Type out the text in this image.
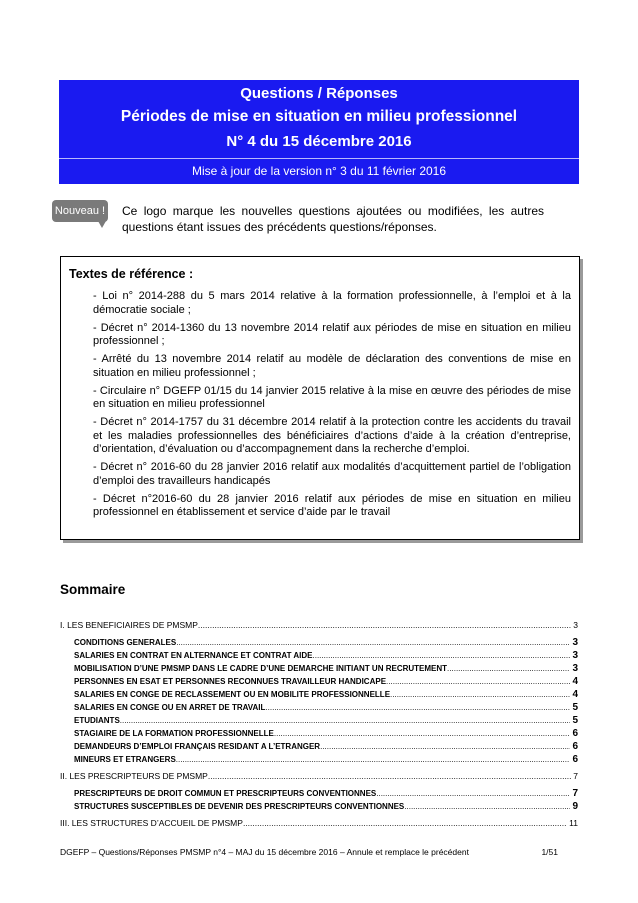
Questions / Réponses
Périodes de mise en situation en milieu professionnel
N° 4 du 15 décembre 2016
Mise à jour de la version n° 3 du 11 février 2016
Nouveau ! Ce logo marque les nouvelles questions ajoutées ou modifiées, les autres questions étant issues des précédents questions/réponses.
Textes de référence :
- Loi n° 2014-288 du 5 mars 2014 relative à la formation professionnelle, à l’emploi et à la démocratie sociale ;
- Décret n° 2014-1360 du 13 novembre 2014 relatif aux périodes de mise en situation en milieu professionnel ;
- Arrêté du 13 novembre 2014 relatif au modèle de déclaration des conventions de mise en situation en milieu professionnel ;
- Circulaire n° DGEFP 01/15 du 14 janvier 2015 relative à la mise en œuvre des périodes de mise en situation en milieu professionnel
- Décret n° 2014-1757 du 31 décembre 2014 relatif à la protection contre les accidents du travail et les maladies professionnelles des bénéficiaires d’actions d’aide à la création d’entreprise, d’orientation, d’évaluation ou d’accompagnement dans la recherche d’emploi.
- Décret n° 2016-60 du 28 janvier 2016 relatif aux modalités d’acquittement partiel de l’obligation d’emploi des travailleurs handicapés
- Décret n°2016-60 du 28 janvier 2016 relatif aux périodes de mise en situation en milieu professionnel en établissement et service d’aide par le travail
Sommaire
I. LES BENEFICIAIRES DE PMSMP .....	3
CONDITIONS GENERALES .....	3
SALARIES EN CONTRAT EN ALTERNANCE ET CONTRAT AIDE .....	3
MOBILISATION D’UNE PMSMP DANS LE CADRE D’UNE DEMARCHE INITIANT UN RECRUTEMENT .....	3
PERSONNES EN ESAT ET PERSONNES RECONNUES TRAVAILLEUR HANDICAPE .....	4
SALARIES EN CONGE DE RECLASSEMENT OU EN MOBILITE PROFESSIONNELLE .....	4
SALARIES EN CONGE OU EN ARRET DE TRAVAIL .....	5
ETUDIANTS .....	5
STAGIAIRE DE LA FORMATION PROFESSIONNELLE .....	6
DEMANDEURS D’EMPLOI FRANÇAIS RESIDANT A L’ETRANGER .....	6
MINEURS ET ETRANGERS .....	6
II. LES PRESCRIPTEURS DE PMSMP .....	7
PRESCRIPTEURS DE DROIT COMMUN ET PRESCRIPTEURS CONVENTIONNES .....	7
STRUCTURES SUSCEPTIBLES DE DEVENIR DES PRESCRIPTEURS CONVENTIONNES .....	9
III. LES STRUCTURES D’ACCUEIL DE PMSMP .....	11
DGEFP – Questions/Réponses PMSMP n°4 – MAJ du 15 décembre 2016 – Annule et remplace le précédent	1/51
